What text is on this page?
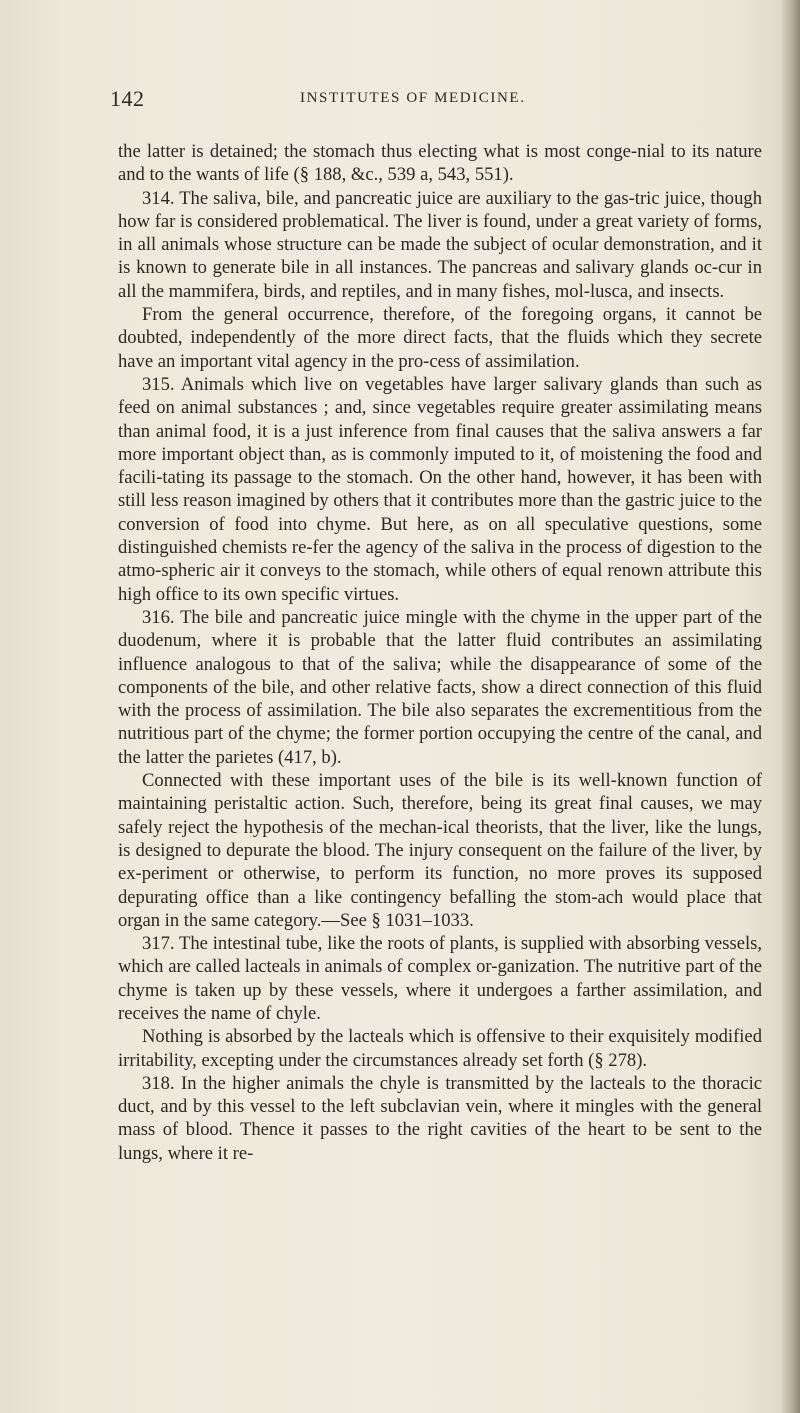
142	INSTITUTES OF MEDICINE.

the latter is detained; the stomach thus electing what is most conge-nial to its nature and to the wants of life (§ 188, &c., 539 a, 543, 551).

314. The saliva, bile, and pancreatic juice are auxiliary to the gas-tric juice, though how far is considered problematical. The liver is found, under a great variety of forms, in all animals whose structure can be made the subject of ocular demonstration, and it is known to generate bile in all instances. The pancreas and salivary glands oc-cur in all the mammifera, birds, and reptiles, and in many fishes, mol-lusca, and insects.

From the general occurrence, therefore, of the foregoing organs, it cannot be doubted, independently of the more direct facts, that the fluids which they secrete have an important vital agency in the pro-cess of assimilation.

315. Animals which live on vegetables have larger salivary glands than such as feed on animal substances ; and, since vegetables require greater assimilating means than animal food, it is a just inference from final causes that the saliva answers a far more important object than, as is commonly imputed to it, of moistening the food and facili-tating its passage to the stomach. On the other hand, however, it has been with still less reason imagined by others that it contributes more than the gastric juice to the conversion of food into chyme. But here, as on all speculative questions, some distinguished chemists re-fer the agency of the saliva in the process of digestion to the atmo-spheric air it conveys to the stomach, while others of equal renown attribute this high office to its own specific virtues.

316. The bile and pancreatic juice mingle with the chyme in the upper part of the duodenum, where it is probable that the latter fluid contributes an assimilating influence analogous to that of the saliva; while the disappearance of some of the components of the bile, and other relative facts, show a direct connection of this fluid with the process of assimilation. The bile also separates the excrementitious from the nutritious part of the chyme; the former portion occupying the centre of the canal, and the latter the parietes (417, b).

Connected with these important uses of the bile is its well-known function of maintaining peristaltic action. Such, therefore, being its great final causes, we may safely reject the hypothesis of the mechan-ical theorists, that the liver, like the lungs, is designed to depurate the blood. The injury consequent on the failure of the liver, by ex-periment or otherwise, to perform its function, no more proves its supposed depurating office than a like contingency befalling the stom-ach would place that organ in the same category.—See § 1031–1033.

317. The intestinal tube, like the roots of plants, is supplied with absorbing vessels, which are called lacteals in animals of complex or-ganization. The nutritive part of the chyme is taken up by these vessels, where it undergoes a farther assimilation, and receives the name of chyle.

Nothing is absorbed by the lacteals which is offensive to their exquisitely modified irritability, excepting under the circumstances already set forth (§ 278).

318. In the higher animals the chyle is transmitted by the lacteals to the thoracic duct, and by this vessel to the left subclavian vein, where it mingles with the general mass of blood. Thence it passes to the right cavities of the heart to be sent to the lungs, where it re-
